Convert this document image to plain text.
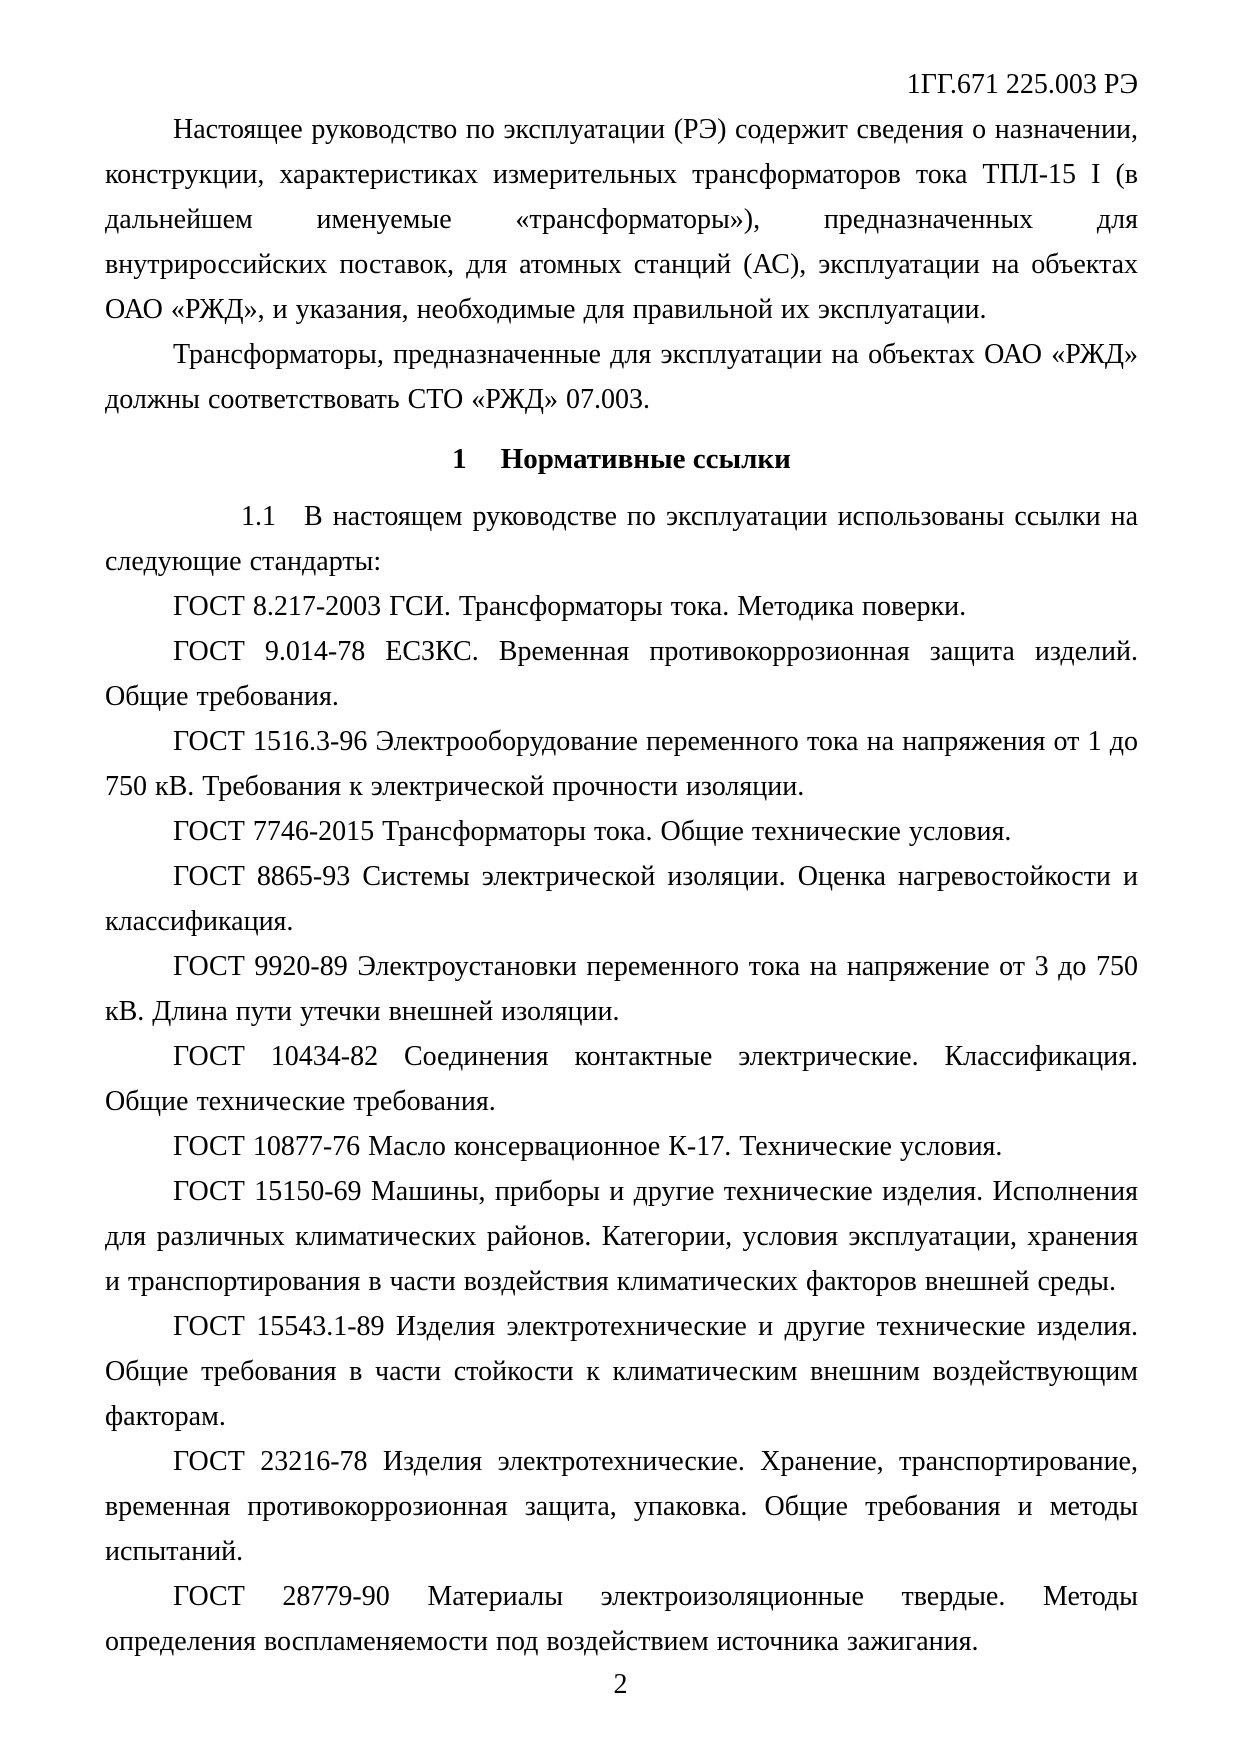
1ГГ.671 225.003 РЭ

Настоящее руководство по эксплуатации (РЭ) содержит сведения о назначении, конструкции, характеристиках измерительных трансформаторов тока ТПЛ-15 I (в дальнейшем именуемые «трансформаторы»), предназначенных для внутрироссийских поставок, для атомных станций (АС), эксплуатации на объектах ОАО «РЖД», и указания, необходимые для правильной их эксплуатации.

Трансформаторы, предназначенные для эксплуатации на объектах ОАО «РЖД» должны соответствовать СТО «РЖД» 07.003.

1 Нормативные ссылки

1.1 В настоящем руководстве по эксплуатации использованы ссылки на следующие стандарты:

ГОСТ 8.217-2003 ГСИ. Трансформаторы тока. Методика поверки.

ГОСТ 9.014-78 ЕСЗКС. Временная противокоррозионная защита изделий. Общие требования.

ГОСТ 1516.3-96 Электрооборудование переменного тока на напряжения от 1 до 750 кВ. Требования к электрической прочности изоляции.

ГОСТ 7746-2015 Трансформаторы тока. Общие технические условия.

ГОСТ 8865-93 Системы электрической изоляции. Оценка нагревостойкости и классификация.

ГОСТ 9920-89 Электроустановки переменного тока на напряжение от 3 до 750 кВ. Длина пути утечки внешней изоляции.

ГОСТ 10434-82 Соединения контактные электрические. Классификация. Общие технические требования.

ГОСТ 10877-76 Масло консервационное К-17. Технические условия.

ГОСТ 15150-69 Машины, приборы и другие технические изделия. Исполнения для различных климатических районов. Категории, условия эксплуатации, хранения и транспортирования в части воздействия климатических факторов внешней среды.

ГОСТ 15543.1-89 Изделия электротехнические и другие технические изделия. Общие требования в части стойкости к климатическим внешним воздействующим факторам.

ГОСТ 23216-78 Изделия электротехнические. Хранение, транспортирование, временная противокоррозионная защита, упаковка. Общие требования и методы испытаний.

ГОСТ 28779-90 Материалы электроизоляционные твердые. Методы определения воспламеняемости под воздействием источника зажигания.

2
